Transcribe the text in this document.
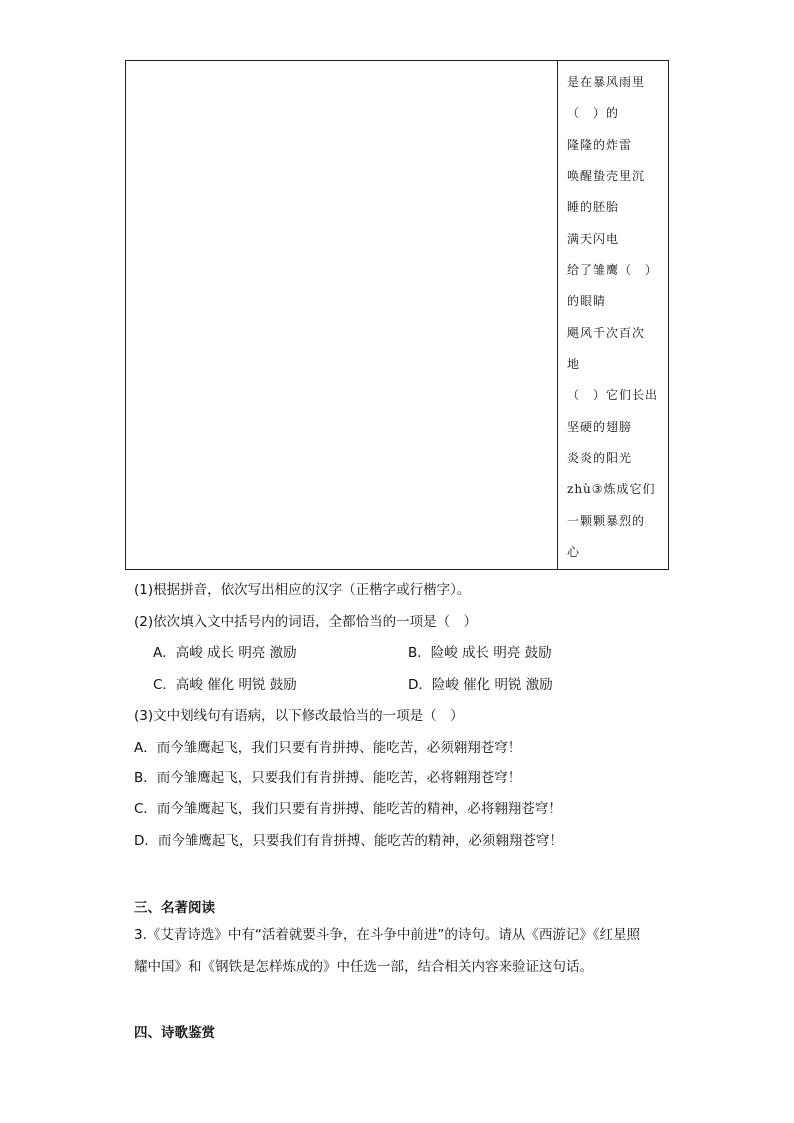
是在暴风雨里
（　）的
隆隆的炸雷
唤醒蛰壳里沉
睡的胚胎
满天闪电
给了雏鹰（　）
的眼睛
飓风千次百次
地
（　）它们长出
坚硬的翅膀
炎炎的阳光
zhù③炼成它们
一颗颗暴烈的
心
(1)根据拼音，依次写出相应的汉字（正楷字或行楷字）。
(2)依次填入文中括号内的词语，全都恰当的一项是（　）
A．高峻 成长 明亮 激励	B．险峻 成长 明亮 鼓励
C．高峻 催化 明锐 鼓励	D．险峻 催化 明锐 激励
(3)文中划线句有语病，以下修改最恰当的一项是（　）
A．而今雏鹰起飞，我们只要有肯拼搏、能吃苦，必须翱翔苍穹！
B．而今雏鹰起飞，只要我们有肯拼搏、能吃苦，必将翱翔苍穹！
C．而今雏鹰起飞，我们只要有肯拼搏、能吃苦的精神，必将翱翔苍穹！
D．而今雏鹰起飞，只要我们有肯拼搏、能吃苦的精神，必须翱翔苍穹！
三、名著阅读
3.《艾青诗选》中有“活着就要斗争，在斗争中前进”的诗句。请从《西游记》《红星照
耀中国》和《钢铁是怎样炼成的》中任选一部，结合相关内容来验证这句话。
四、诗歌鉴赏
